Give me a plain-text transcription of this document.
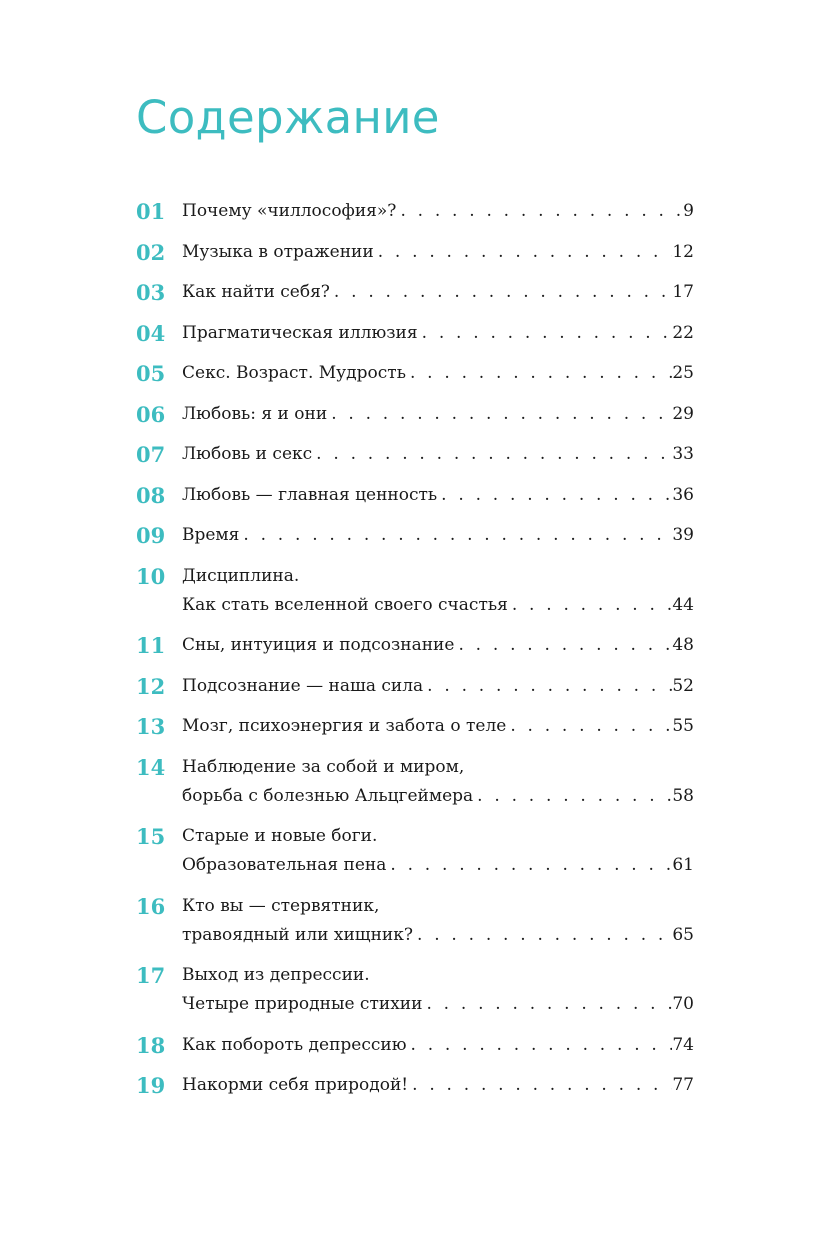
Содержание
01 Почему «чиллософия»? . . .	9
02 Музыка в отражении . . .	12
03 Как найти себя? . . .	17
04 Прагматическая иллюзия . . .	22
05 Секс. Возраст. Мудрость . . .	25
06 Любовь: я и они . . .	29
07 Любовь и секс . . .	33
08 Любовь — главная ценность . . .	36
09 Время . . .	39
10 Дисциплина.
Как стать вселенной своего счастья . . .	44
11 Сны, интуиция и подсознание . . .	48
12 Подсознание — наша сила . . .	52
13 Мозг, психоэнергия и забота о теле . . .	55
14 Наблюдение за собой и миром,
борьба с болезнью Альцгеймера . . .	58
15 Старые и новые боги.
Образовательная пена . . .	61
16 Кто вы — стервятник,
травоядный или хищник? . . .	65
17 Выход из депрессии.
Четыре природные стихии . . .	70
18 Как побороть депрессию . . .	74
19 Накорми себя природой! . . .	77
